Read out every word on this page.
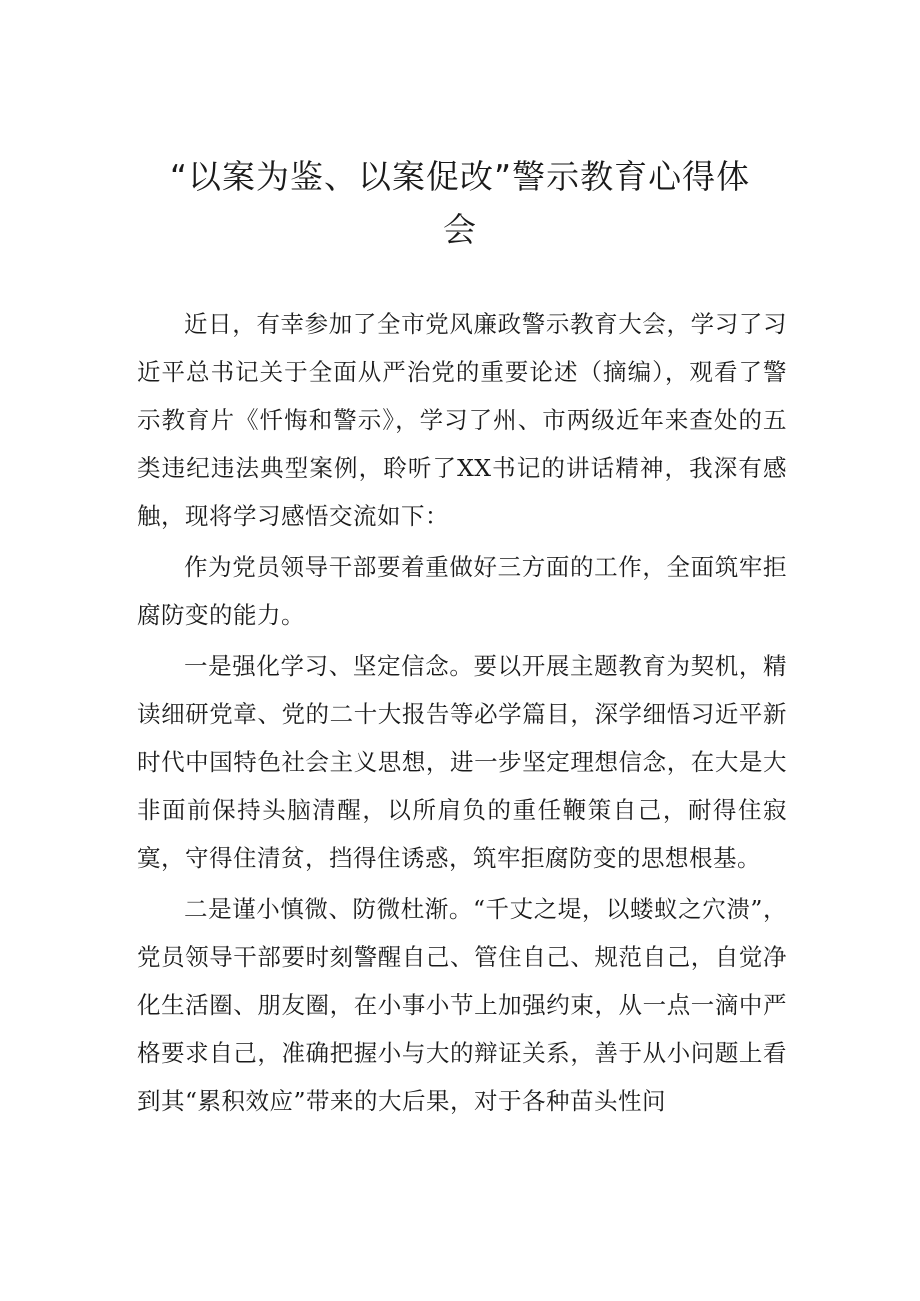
“以案为鉴、以案促改”警示教育心得体
会

近日，有幸参加了全市党风廉政警示教育大会，学习了习近平总书记关于全面从严治党的重要论述（摘编），观看了警示教育片《忏悔和警示》，学习了州、市两级近年来查处的五类违纪违法典型案例，聆听了XX书记的讲话精神，我深有感触，现将学习感悟交流如下：

作为党员领导干部要着重做好三方面的工作，全面筑牢拒腐防变的能力。

一是强化学习、坚定信念。要以开展主题教育为契机，精读细研党章、党的二十大报告等必学篇目，深学细悟习近平新时代中国特色社会主义思想，进一步坚定理想信念，在大是大非面前保持头脑清醒，以所肩负的重任鞭策自己，耐得住寂寞，守得住清贫，挡得住诱惑，筑牢拒腐防变的思想根基。

二是谨小慎微、防微杜渐。“千丈之堤，以蝼蚁之穴溃”，党员领导干部要时刻警醒自己、管住自己、规范自己，自觉净化生活圈、朋友圈，在小事小节上加强约束，从一点一滴中严格要求自己，准确把握小与大的辩证关系，善于从小问题上看到其“累积效应”带来的大后果，对于各种苗头性问
